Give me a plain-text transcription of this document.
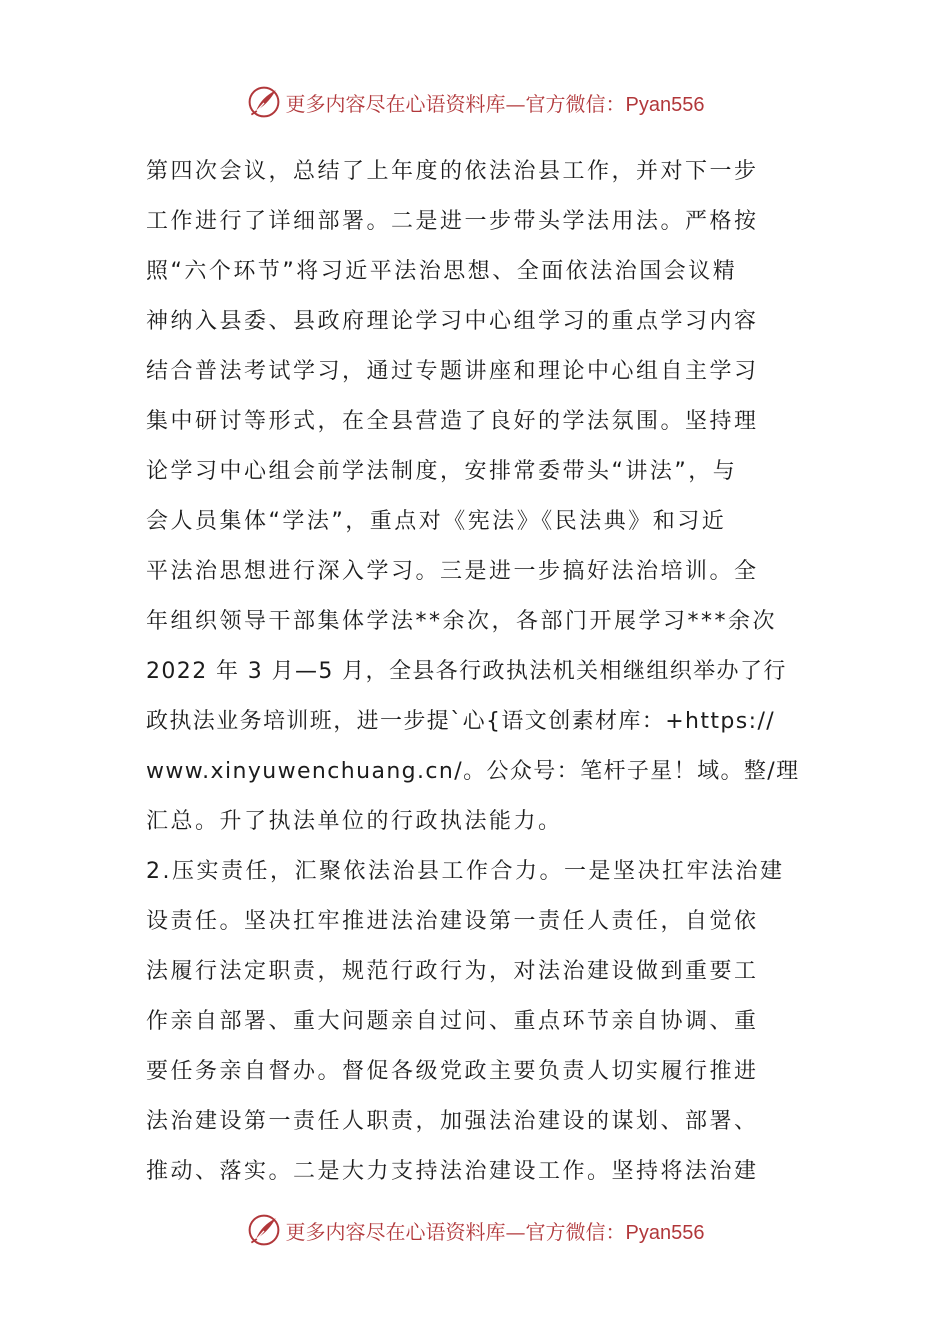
更多内容尽在心语资料库—官方微信：Pyan556
第四次会议，总结了上年度的依法治县工作，并对下一步
工作进行了详细部署。二是进一步带头学法用法。严格按
照“六个环节”将习近平法治思想、全面依法治国会议精
神纳入县委、县政府理论学习中心组学习的重点学习内容
结合普法考试学习，通过专题讲座和理论中心组自主学习
集中研讨等形式，在全县营造了良好的学法氛围。坚持理
论学习中心组会前学法制度，安排常委带头“讲法”，与
会人员集体“学法”，重点对《宪法》《民法典》和习近
平法治思想进行深入学习。三是进一步搞好法治培训。全
年组织领导干部集体学法**余次，各部门开展学习***余次
2022 年 3 月—5 月，全县各行政执法机关相继组织举办了行
政执法业务培训班，进一步提`心{语文创素材库：+https://
www.xinyuwenchuang.cn/。公众号：笔杆子星！域。整/理
汇总。升了执法单位的行政执法能力。
2.压实责任，汇聚依法治县工作合力。一是坚决扛牢法治建
设责任。坚决扛牢推进法治建设第一责任人责任，自觉依
法履行法定职责，规范行政行为，对法治建设做到重要工
作亲自部署、重大问题亲自过问、重点环节亲自协调、重
要任务亲自督办。督促各级党政主要负责人切实履行推进
法治建设第一责任人职责，加强法治建设的谋划、部署、
推动、落实。二是大力支持法治建设工作。坚持将法治建
更多内容尽在心语资料库—官方微信：Pyan556
